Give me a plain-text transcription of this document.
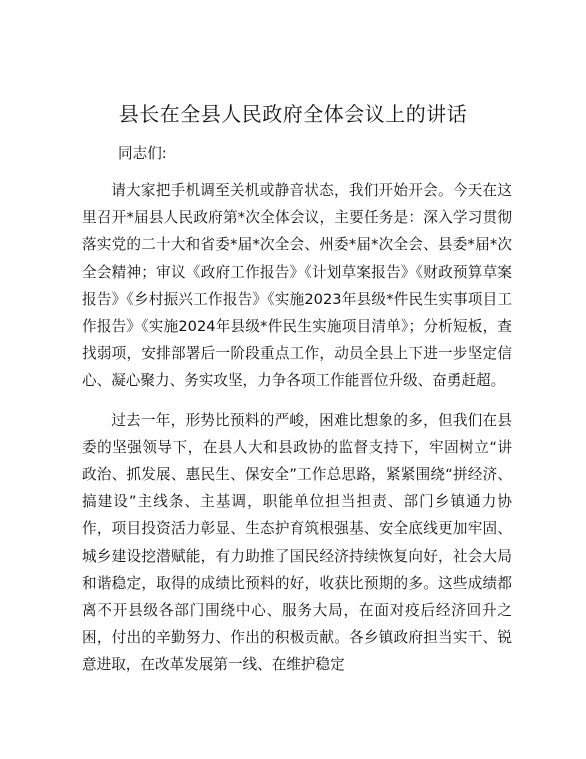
县长在全县人民政府全体会议上的讲话
同志们:

请大家把手机调至关机或静音状态，我们开始开会。今天在这里召开*届县人民政府第*次全体会议，主要任务是：深入学习贯彻落实党的二十大和省委*届*次全会、州委*届*次全会、县委*届*次全会精神；审议《政府工作报告》《计划草案报告》《财政预算草案报告》《乡村振兴工作报告》《实施2023年县级*件民生实事项目工作报告》《实施2024年县级*件民生实施项目清单》；分析短板，查找弱项，安排部署后一阶段重点工作，动员全县上下进一步坚定信心、凝心聚力、务实攻坚，力争各项工作能晋位升级、奋勇赶超。

过去一年，形势比预料的严峻，困难比想象的多，但我们在县委的坚强领导下，在县人大和县政协的监督支持下，牢固树立“讲政治、抓发展、惠民生、保安全”工作总思路，紧紧围绕“拼经济、搞建设”主线条、主基调，职能单位担当担责、部门乡镇通力协作，项目投资活力彰显、生态护育筑根强基、安全底线更加牢固、城乡建设挖潜赋能，有力助推了国民经济持续恢复向好，社会大局和谐稳定，取得的成绩比预料的好，收获比预期的多。这些成绩都离不开县级各部门围绕中心、服务大局，在面对疫后经济回升之困，付出的辛勤努力、作出的积极贡献。各乡镇政府担当实干、锐意进取，在改革发展第一线、在维护稳定
